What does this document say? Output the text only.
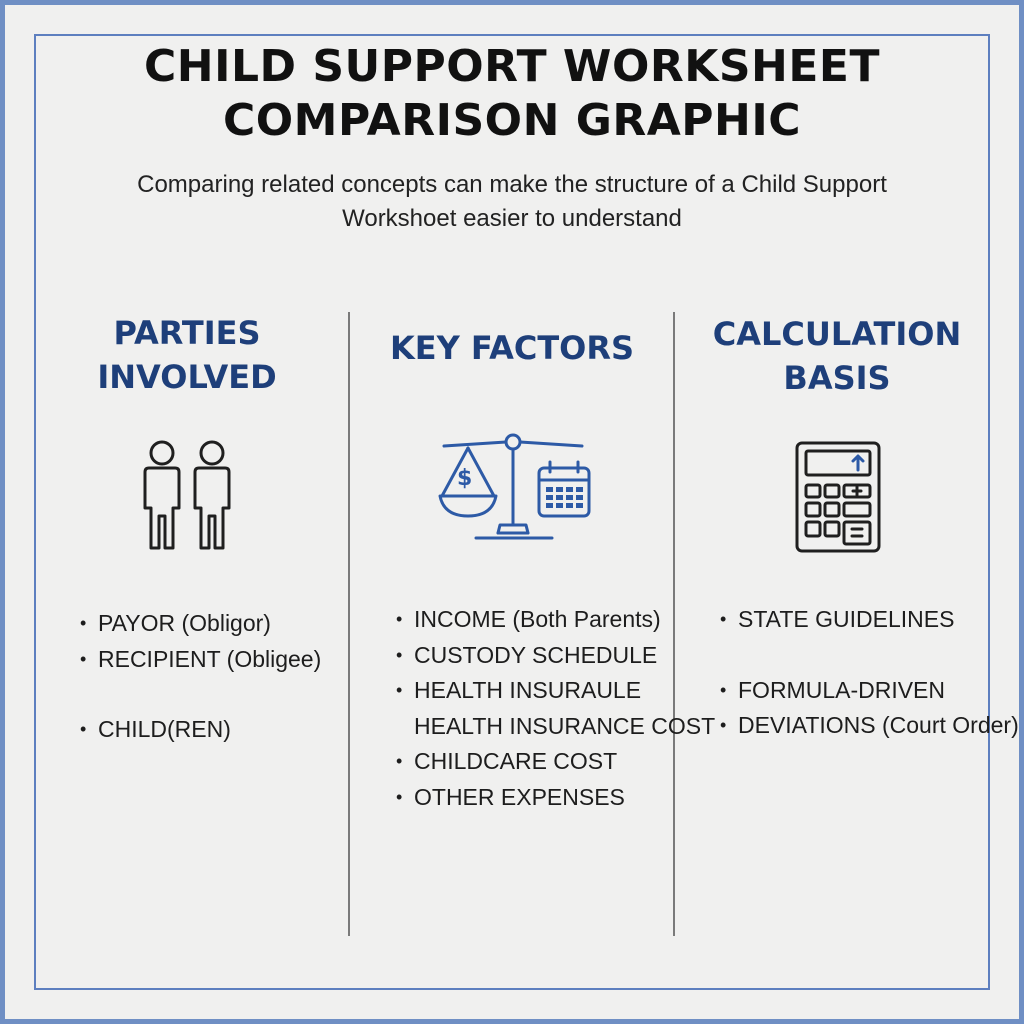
CHILD SUPPORT WORKSHEET
COMPARISON GRAPHIC

Comparing related concepts can make the structure of a Child Support
Workshoet easier to understand

PARTIES
INVOLVED
• PAYOR (Obligor)
• RECIPIENT (Obligee)
• CHILD(REN)
KEY FACTORS
$
• INCOME (Both Parents)
• CUSTODY SCHEDULE
• HEALTH INSURAULE
HEALTH INSURANCE COST
• CHILDCARE COST
• OTHER EXPENSES
CALCULATION
BASIS
• STATE GUIDELINES
• FORMULA-DRIVEN
• DEVIATIONS (Court Order)
